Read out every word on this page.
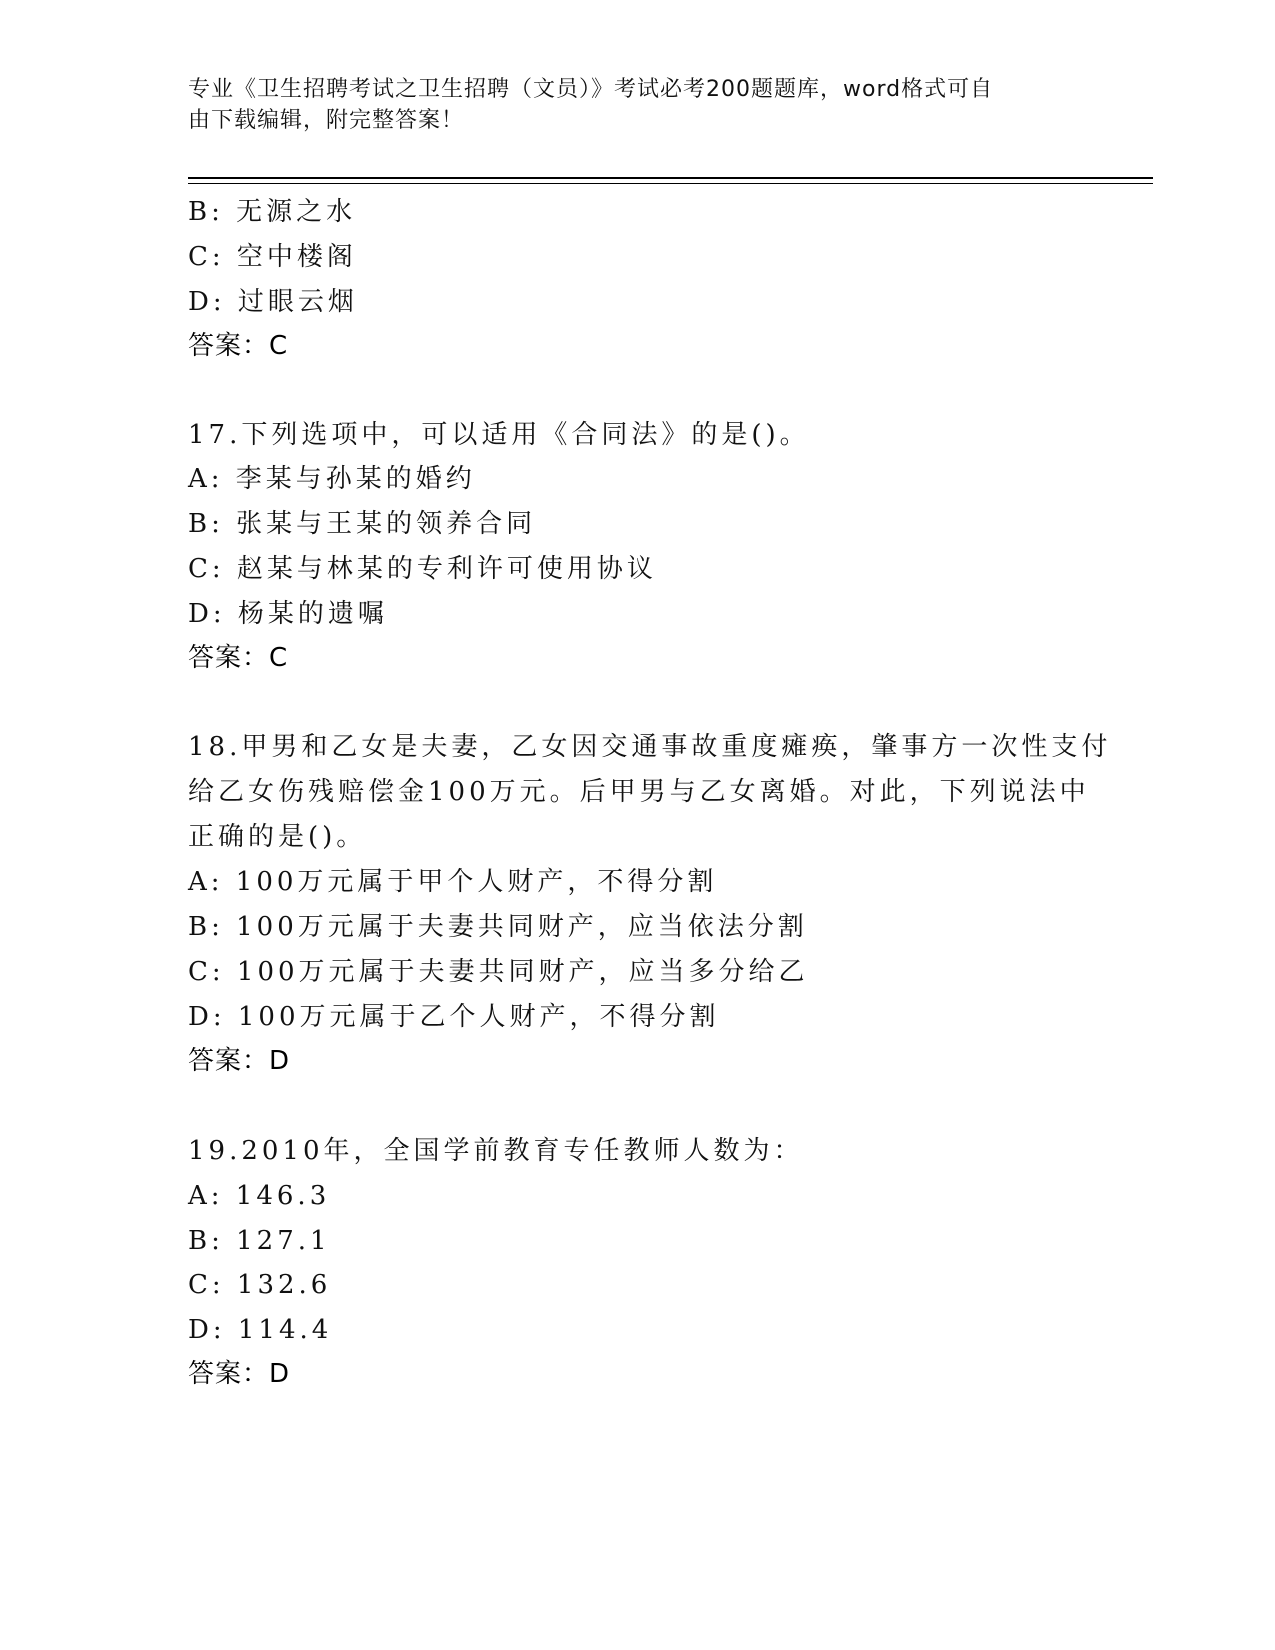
专业《卫生招聘考试之卫生招聘（文员）》考试必考200题题库，word格式可自
由下载编辑，附完整答案！
B: 无源之水
C: 空中楼阁
D: 过眼云烟
答案：C
17.下列选项中，可以适用《合同法》的是()。
A: 李某与孙某的婚约
B: 张某与王某的领养合同
C: 赵某与林某的专利许可使用协议
D: 杨某的遗嘱
答案：C
18.甲男和乙女是夫妻，乙女因交通事故重度瘫痪，肇事方一次性支付
给乙女伤残赔偿金100万元。后甲男与乙女离婚。对此，下列说法中
正确的是()。
A: 100万元属于甲个人财产，不得分割
B: 100万元属于夫妻共同财产，应当依法分割
C: 100万元属于夫妻共同财产，应当多分给乙
D: 100万元属于乙个人财产，不得分割
答案：D
19.2010年，全国学前教育专任教师人数为：
A: 146.3
B: 127.1
C: 132.6
D: 114.4
答案：D
